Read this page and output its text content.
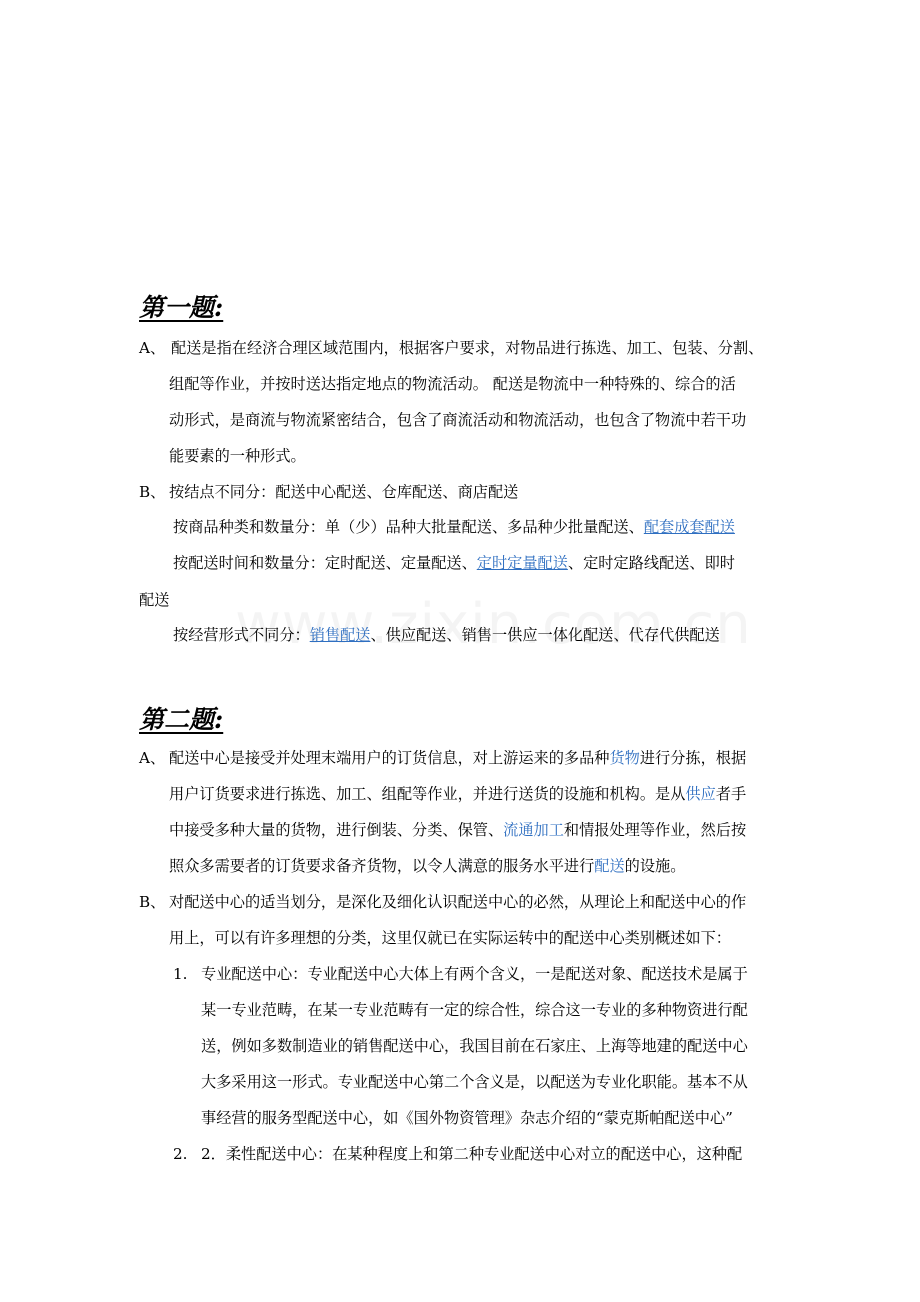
第一题:
A、 配送是指在经济合理区域范围内，根据客户要求，对物品进行拣选、加工、包装、分割、
组配等作业，并按时送达指定地点的物流活动。 配送是物流中一种特殊的、综合的活
动形式，是商流与物流紧密结合，包含了商流活动和物流活动，也包含了物流中若干功
能要素的一种形式。
B、 按结点不同分：配送中心配送、仓库配送、商店配送
按商品种类和数量分：单（少）品种大批量配送、多品种少批量配送、配套成套配送
按配送时间和数量分：定时配送、定量配送、定时定量配送、定时定路线配送、即时
配送
按经营形式不同分：销售配送、供应配送、销售一供应一体化配送、代存代供配送
第二题:
A、 配送中心是接受并处理末端用户的订货信息，对上游运来的多品种货物进行分拣，根据
用户订货要求进行拣选、加工、组配等作业，并进行送货的设施和机构。是从供应者手
中接受多种大量的货物，进行倒装、分类、保管、流通加工和情报处理等作业，然后按
照众多需要者的订货要求备齐货物，以令人满意的服务水平进行配送的设施。
B、 对配送中心的适当划分，是深化及细化认识配送中心的必然，从理论上和配送中心的作
用上，可以有许多理想的分类，这里仅就已在实际运转中的配送中心类别概述如下：
1. 专业配送中心：专业配送中心大体上有两个含义，一是配送对象、配送技术是属于
某一专业范畴，在某一专业范畴有一定的综合性，综合这一专业的多种物资进行配
送，例如多数制造业的销售配送中心，我国目前在石家庄、上海等地建的配送中心
大多采用这一形式。专业配送中心第二个含义是，以配送为专业化职能。基本不从
事经营的服务型配送中心，如《国外物资管理》杂志介绍的“蒙克斯帕配送中心”
2. 2．柔性配送中心：在某种程度上和第二种专业配送中心对立的配送中心，这种配
